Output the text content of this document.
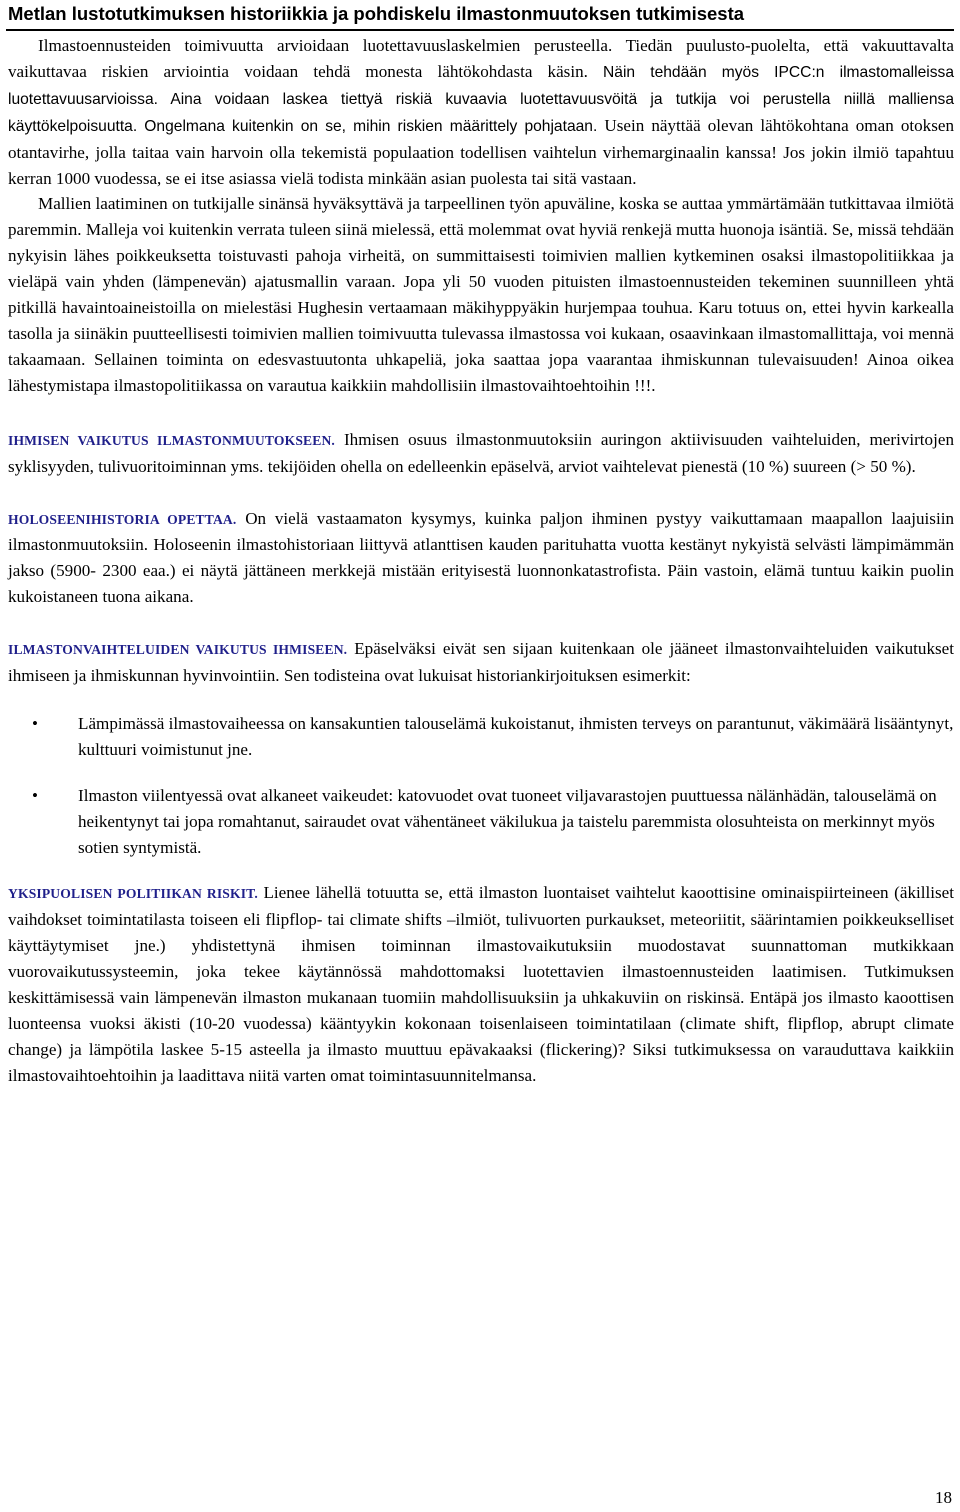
Metlan lustotutkimuksen historiikkia ja pohdiskelu ilmastonmuutoksen tutkimisesta

Ilmastoennusteiden toimivuutta arvioidaan luotettavuuslaskelmien perusteella. Tiedän puulusto-puolelta, että vakuuttavalta vaikuttavaa riskien arviointia voidaan tehdä monesta lähtökohdasta käsin. Näin tehdään myös IPCC:n ilmastomalleissa luotettavuusarvioissa. Aina voidaan laskea tiettyä riskiä kuvaavia luotettavuusvöitä ja tutkija voi perustella niillä malliensa käyttökelpoisuutta. Ongelmana kuitenkin on se, mihin riskien määrittely pohjataan. Usein näyttää olevan lähtökohtana oman otoksen otantavirhe, jolla taitaa vain harvoin olla tekemistä populaation todellisen vaihtelun virhemarginaalin kanssa! Jos jokin ilmiö tapahtuu kerran 1000 vuodessa, se ei itse asiassa vielä todista minkään asian puolesta tai sitä vastaan.

Mallien laatiminen on tutkijalle sinänsä hyväksyttävä ja tarpeellinen työn apuväline, koska se auttaa ymmärtämään tutkittavaa ilmiötä paremmin. Malleja voi kuitenkin verrata tuleen siinä mielessä, että molemmat ovat hyviä renkejä mutta huonoja isäntiä. Se, missä tehdään nykyisin lähes poikkeuksetta toistuvasti pahoja virheitä, on summittaisesti toimivien mallien kytkeminen osaksi ilmastopolitiikkaa ja vieläpä vain yhden (lämpenevän) ajatusmallin varaan. Jopa yli 50 vuoden pituisten ilmastoennusteiden tekeminen suunnilleen yhtä pitkillä havaintoaineistoilla on mielestäsi Hughesin vertaamaan mäkihyppyäkin hurjempaa touhua. Karu totuus on, ettei hyvin karkealla tasolla ja siinäkin puutteellisesti toimivien mallien toimivuutta tulevassa ilmastossa voi kukaan, osaavinkaan ilmastomallittaja, voi mennä takaamaan. Sellainen toiminta on edesvastuutonta uhkapeliä, joka saattaa jopa vaarantaa ihmiskunnan tulevaisuuden! Ainoa oikea lähestymistapa ilmastopolitiikassa on varautua kaikkiin mahdollisiin ilmastovaihtoehtoihin !!!.

IHMISEN VAIKUTUS ILMASTONMUUTOKSEEN. Ihmisen osuus ilmastonmuutoksiin auringon aktiivisuuden vaihteluiden, merivirtojen syklisyyden, tulivuoritoiminnan yms. tekijöiden ohella on edelleenkin epäselvä, arviot vaihtelevat pienestä (10 %) suureen (> 50 %).

HOLOSEENIHISTORIA OPETTAA. On vielä vastaamaton kysymys, kuinka paljon ihminen pystyy vaikuttamaan maapallon laajuisiin ilmastonmuutoksiin. Holoseenin ilmastohistoriaan liittyvä atlanttisen kauden parituhatta vuotta kestänyt nykyistä selvästi lämpimämmän jakso (5900- 2300 eaa.) ei näytä jättäneen merkkejä mistään erityisestä luonnonkatastrofista. Päin vastoin, elämä tuntuu kaikin puolin kukoistaneen tuona aikana.

ILMASTONVAIHTELUIDEN VAIKUTUS IHMISEEN. Epäselväksi eivät sen sijaan kuitenkaan ole jääneet ilmastonvaihteluiden vaikutukset ihmiseen ja ihmiskunnan hyvinvointiin. Sen todisteina ovat lukuisat historiankirjoituksen esimerkit:

• Lämpimässä ilmastovaiheessa on kansakuntien talouselämä kukoistanut, ihmisten terveys on parantunut, väkimäärä lisääntynyt, kulttuuri voimistunut jne.

• Ilmaston viilentyessä ovat alkaneet vaikeudet: katovuodet ovat tuoneet viljavarastojen puuttuessa nälänhädän, talouselämä on heikentynyt tai jopa romahtanut, sairaudet ovat vähentäneet väkilukua ja taistelu paremmista olosuhteista on merkinnyt myös sotien syntymistä.

YKSIPUOLISEN POLITIIKAN RISKIT. Lienee lähellä totuutta se, että ilmaston luontaiset vaihtelut kaoottisine ominaispiirteineen (äkilliset vaihdokset toimintatilasta toiseen eli flipflop- tai climate shifts –ilmiöt, tulivuorten purkaukset, meteoriitit, säärintamien poikkeukselliset käyttäytymiset jne.) yhdistettynä ihmisen toiminnan ilmastovaikutuksiin muodostavat suunnattoman mutkikkaan vuorovaikutussysteemin, joka tekee käytännössä mahdottomaksi luotettavien ilmastoennusteiden laatimisen. Tutkimuksen keskittämisessä vain lämpenevän ilmaston mukanaan tuomiin mahdollisuuksiin ja uhkakuviin on riskinsä. Entäpä jos ilmasto kaoottisen luonteensa vuoksi äkisti (10-20 vuodessa) kääntyykin kokonaan toisenlaiseen toimintatilaan (climate shift, flipflop, abrupt climate change) ja lämpötila laskee 5-15 asteella ja ilmasto muuttuu epävakaaksi (flickering)? Siksi tutkimuksessa on varauduttava kaikkiin ilmastovaihtoehtoihin ja laadittava niitä varten omat toimintasuunnitelmansa.

18
